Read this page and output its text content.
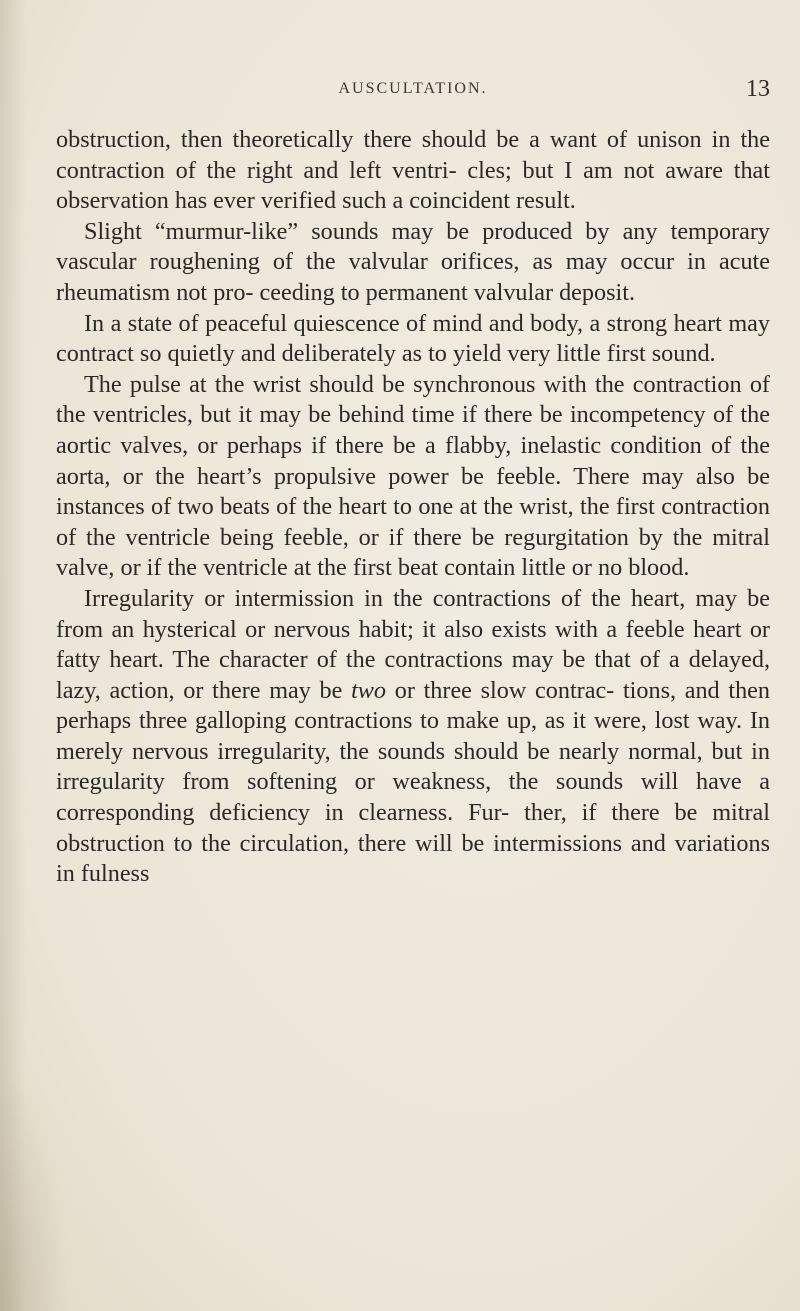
AUSCULTATION.	13

obstruction, then theoretically there should be a want of unison in the contraction of the right and left ventri- cles; but I am not aware that observation has ever verified such a coincident result.

Slight “murmur-like” sounds may be produced by any temporary vascular roughening of the valvular orifices, as may occur in acute rheumatism not pro- ceeding to permanent valvular deposit.

In a state of peaceful quiescence of mind and body, a strong heart may contract so quietly and deliberately as to yield very little first sound.

The pulse at the wrist should be synchronous with the contraction of the ventricles, but it may be behind time if there be incompetency of the aortic valves, or perhaps if there be a flabby, inelastic condition of the aorta, or the heart’s propulsive power be feeble. There may also be instances of two beats of the heart to one at the wrist, the first contraction of the ventricle being feeble, or if there be regurgitation by the mitral valve, or if the ventricle at the first beat contain little or no blood.

Irregularity or intermission in the contractions of the heart, may be from an hysterical or nervous habit; it also exists with a feeble heart or fatty heart. The character of the contractions may be that of a delayed, lazy, action, or there may be two or three slow contrac- tions, and then perhaps three galloping contractions to make up, as it were, lost way. In merely nervous irregularity, the sounds should be nearly normal, but in irregularity from softening or weakness, the sounds will have a corresponding deficiency in clearness. Fur- ther, if there be mitral obstruction to the circulation, there will be intermissions and variations in fulness
